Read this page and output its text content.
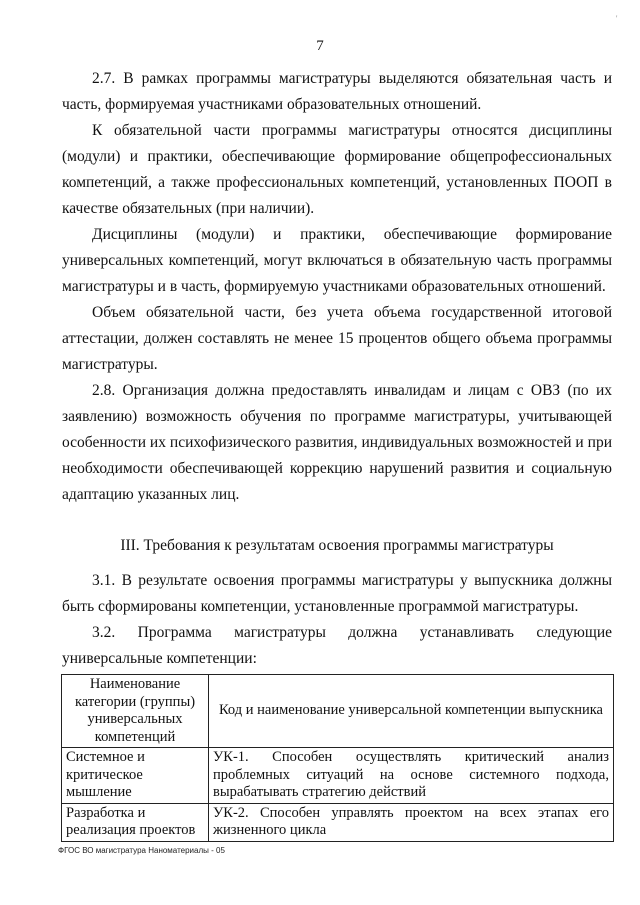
'
7
2.7. В рамках программы магистратуры выделяются обязательная часть и часть, формируемая участниками образовательных отношений.
К обязательной части программы магистратуры относятся дисциплины (модули) и практики, обеспечивающие формирование общепрофессиональных компетенций, а также профессиональных компетенций, установленных ПООП в качестве обязательных (при наличии).
Дисциплины (модули) и практики, обеспечивающие формирование универсальных компетенций, могут включаться в обязательную часть программы магистратуры и в часть, формируемую участниками образовательных отношений.
Объем обязательной части, без учета объема государственной итоговой аттестации, должен составлять не менее 15 процентов общего объема программы магистратуры.
2.8. Организация должна предоставлять инвалидам и лицам с ОВЗ (по их заявлению) возможность обучения по программе магистратуры, учитывающей особенности их психофизического развития, индивидуальных возможностей и при необходимости обеспечивающей коррекцию нарушений развития и социальную адаптацию указанных лиц.
III. Требования к результатам освоения программы магистратуры
3.1. В результате освоения программы магистратуры у выпускника должны быть сформированы компетенции, установленные программой магистратуры.
3.2. Программа магистратуры должна устанавливать следующие универсальные компетенции:
Наименование категории (группы) универсальных компетенций	Код и наименование универсальной компетенции выпускника
Системное и критическое мышление	УК-1. Способен осуществлять критический анализ проблемных ситуаций на основе системного подхода, вырабатывать стратегию действий
Разработка и реализация проектов	УК-2. Способен управлять проектом на всех этапах его жизненного цикла
ФГОС ВО магистратура Наноматериалы - 05
